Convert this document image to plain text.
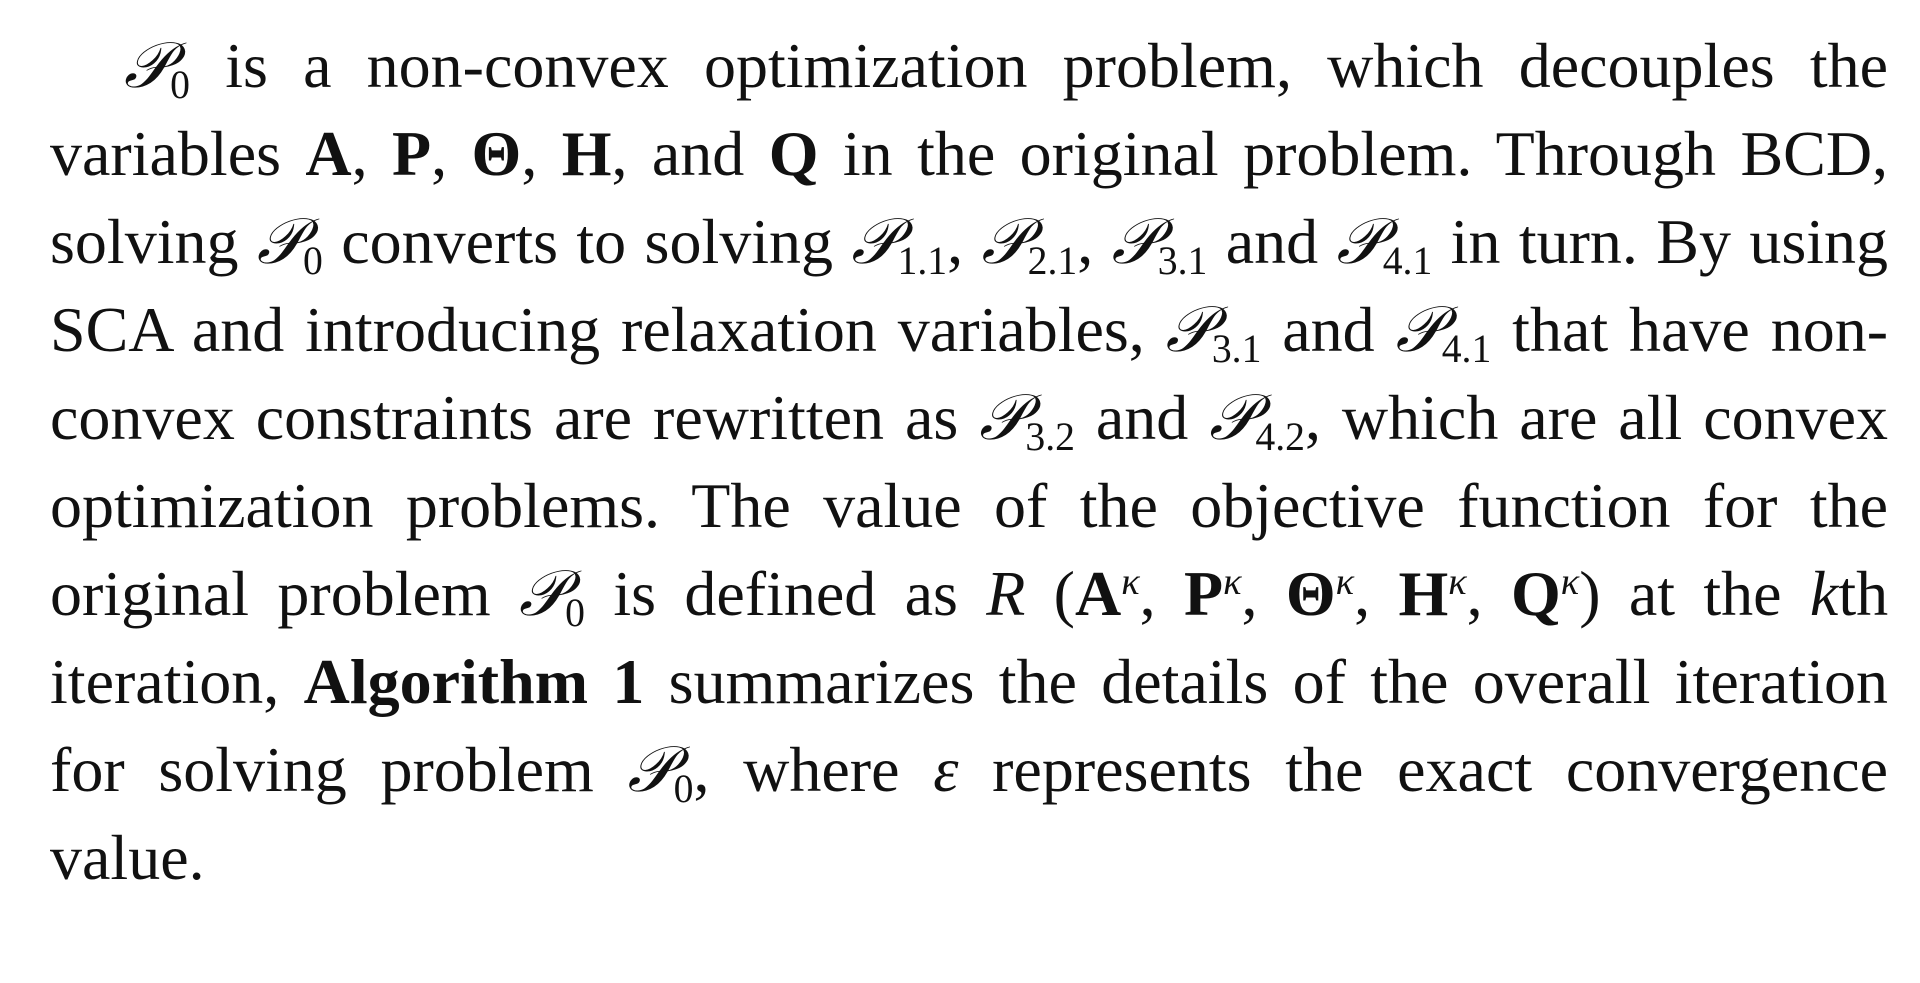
𝒫$_0$ is a non-convex optimization problem, which decouples the variables A, P, Θ, H, and Q in the original problem. Through BCD, solving 𝒫$_0$ converts to solving 𝒫$_{1.1}$, 𝒫$_{2.1}$, 𝒫$_{3.1}$ and 𝒫$_{4.1}$ in turn. By using SCA and introducing relaxation variables, 𝒫$_{3.1}$ and 𝒫$_{4.1}$ that have non-convex constraints are rewritten as 𝒫$_{3.2}$ and 𝒫$_{4.2}$, which are all convex optimization problems. The value of the objective function for the original problem 𝒫$_0$ is defined as R ($A^\kappa$, $P^\kappa$, $\Theta^\kappa$, $H^\kappa$, $Q^\kappa$) at the kth iteration, Algorithm 1 summarizes the details of the overall iteration for solving problem 𝒫$_0$, where ε represents the exact convergence value.
